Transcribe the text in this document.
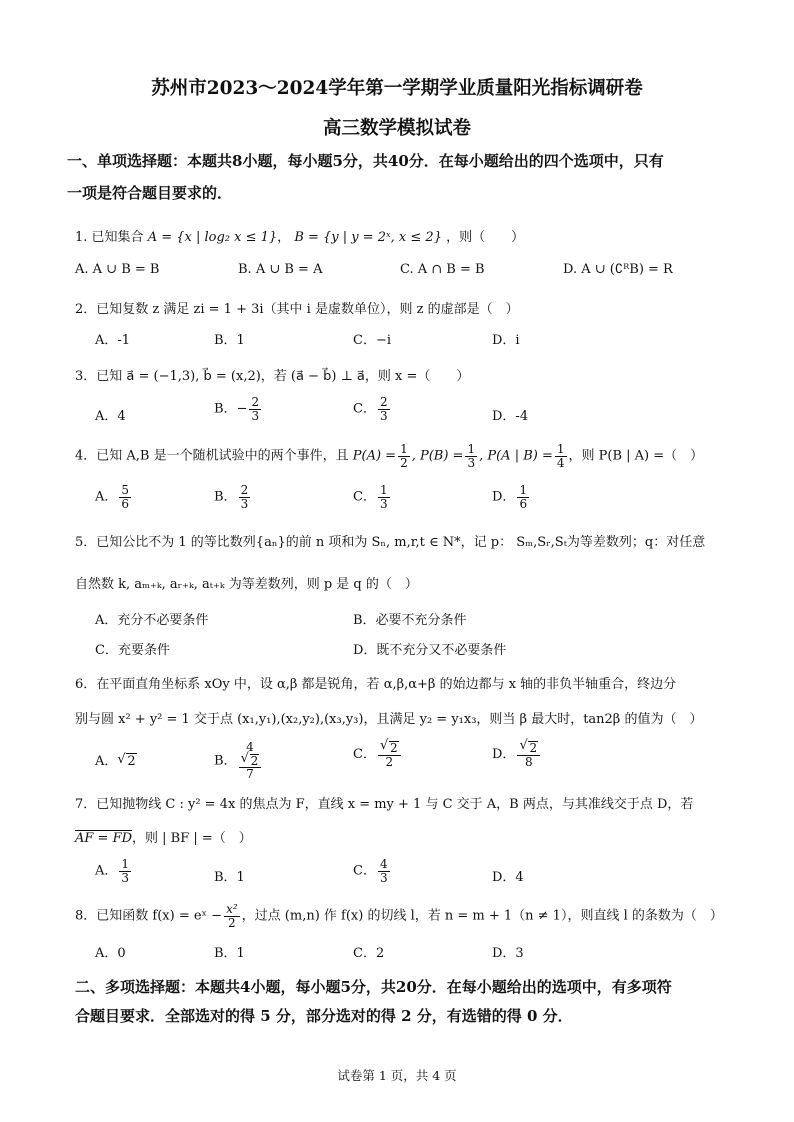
苏州市2023～2024学年第一学期学业质量阳光指标调研卷
高三数学模拟试卷
一、单项选择题：本题共8小题，每小题5分，共40分．在每小题给出的四个选项中，只有
一项是符合题目要求的．
1. 已知集合 A = {x | log₂ x ≤ 1}， B = {y | y = 2ˣ, x ≤ 2} ，则（　　）
A. A ∪ B = B	B. A ∪ B = A	C. A ∩ B = B	D. A ∪ (∁ᴿB) = R
2．已知复数 z 满足 zi = 1 + 3i（其中 i 是虚数单位），则 z 的虚部是（　）
A．-1	B．1	C．−i	D．i
3．已知 a⃗ = (−1,3), b⃗ = (x,2)，若 (a⃗ − b⃗) ⊥ a⃗，则 x =（　　）
A．4	B．− $\frac{2}{3}$	C． $\frac{2}{3}$	D．-4
4．已知 A,B 是一个随机试验中的两个事件，且 $P(A) = \frac{1}{2}$ , $P(B) = \frac{1}{3}$ , P(A | $B) = \frac{1}{4}$ ，则 P(B | A) =（　）
A． $\frac{5}{6}$	B． $\frac{2}{3}$	C． $\frac{1}{3}$	D． $\frac{1}{6}$
5．已知公比不为 1 的等比数列{aₙ}的前 n 项和为 Sₙ, m,r,t ∈ N*，记 p： Sₘ,Sᵣ,Sₜ为等差数列；q：对任意
自然数 k, aₘ₊ₖ, aᵣ₊ₖ, aₜ₊ₖ 为等差数列，则 p 是 q 的（　）
A．充分不必要条件	B．必要不充分条件
C．充要条件	D．既不充分又不必要条件
6．在平面直角坐标系 xOy 中，设 α,β 都是锐角，若 α,β,α+β 的始边都与 x 轴的非负半轴重合，终边分
别与圆 x² + y² = 1 交于点 (x₁,y₁),(x₂,y₂),(x₃,y₃)，且满足 y₂ = y₁x₃，则当 β 最大时，tan2β 的值为（　）
A． √ 2	B． 4
√ 2
7	C． √ $\frac{2}{2}$	D． √ $\frac{2}{8}$
7．已知抛物线 C : y² = 4x 的焦点为 F，直线 x = my + 1 与 C 交于 A，B 两点，与其准线交于点 D，若
AF = FD，则 | BF | =（　）
A． $\frac{1}{3}$	B．1	C． $\frac{4}{3}$	D．4
8．已知函数 f(x) = eˣ − $\frac{\text{x²}}{2}$ ，过点 (m,n) 作 f(x) 的切线 l，若 n = m + 1（n ≠ 1），则直线 l 的条数为（　）
A．0	B．1	C．2	D．3
二、多项选择题：本题共4小题，每小题5分，共20分．在每小题给出的选项中，有多项符
合题目要求．全部选对的得 5 分，部分选对的得 2 分，有选错的得 0 分．
试卷第 1 页，共 4 页
